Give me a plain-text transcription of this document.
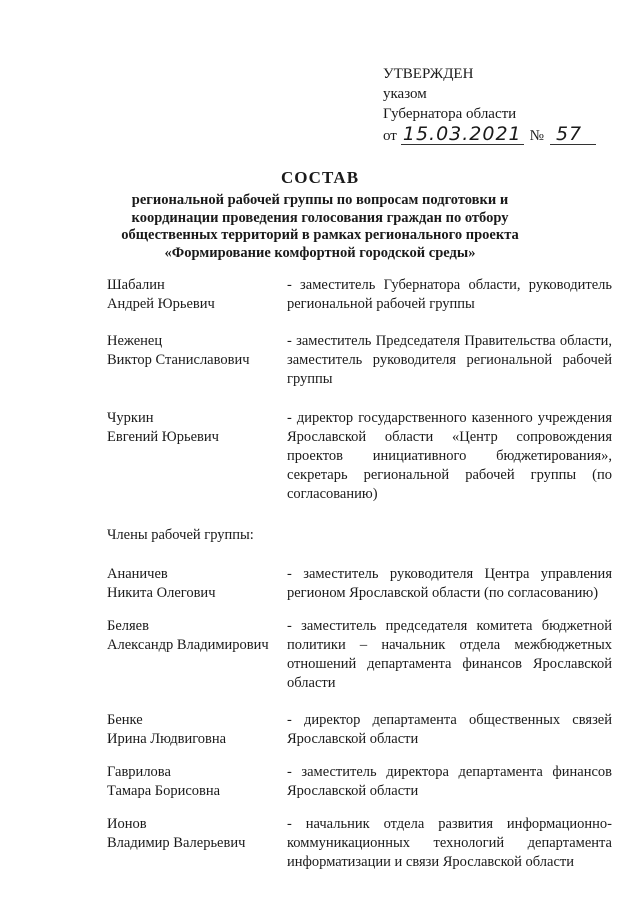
УТВЕРЖДЕН
указом
Губернатора области
от 15.03.2021 № 57
СОСТАВ
региональной рабочей группы по вопросам подготовки и координации проведения голосования граждан по отбору общественных территорий в рамках регионального проекта «Формирование комфортной городской среды»
Шабалин
Андрей Юрьевич
- заместитель Губернатора области, руководитель региональной рабочей группы
Неженец
Виктор Станиславович
- заместитель Председателя Правительства области, заместитель руководителя региональной рабочей группы
Чуркин
Евгений Юрьевич
- директор государственного казенного учреждения Ярославской области «Центр сопровождения проектов инициативного бюджетирования», секретарь региональной рабочей группы (по согласованию)
Члены рабочей группы:
Ананичев
Никита Олегович
- заместитель руководителя Центра управления регионом Ярославской области (по согласованию)
Беляев
Александр Владимирович
- заместитель председателя комитета бюджетной политики – начальник отдела межбюджетных отношений департамента финансов Ярославской области
Бенке
Ирина Людвиговна
- директор департамента общественных связей Ярославской области
Гаврилова
Тамара Борисовна
- заместитель директора департамента финансов Ярославской области
Ионов
Владимир Валерьевич
- начальник отдела развития информационно-коммуникационных технологий департамента информатизации и связи Ярославской области
